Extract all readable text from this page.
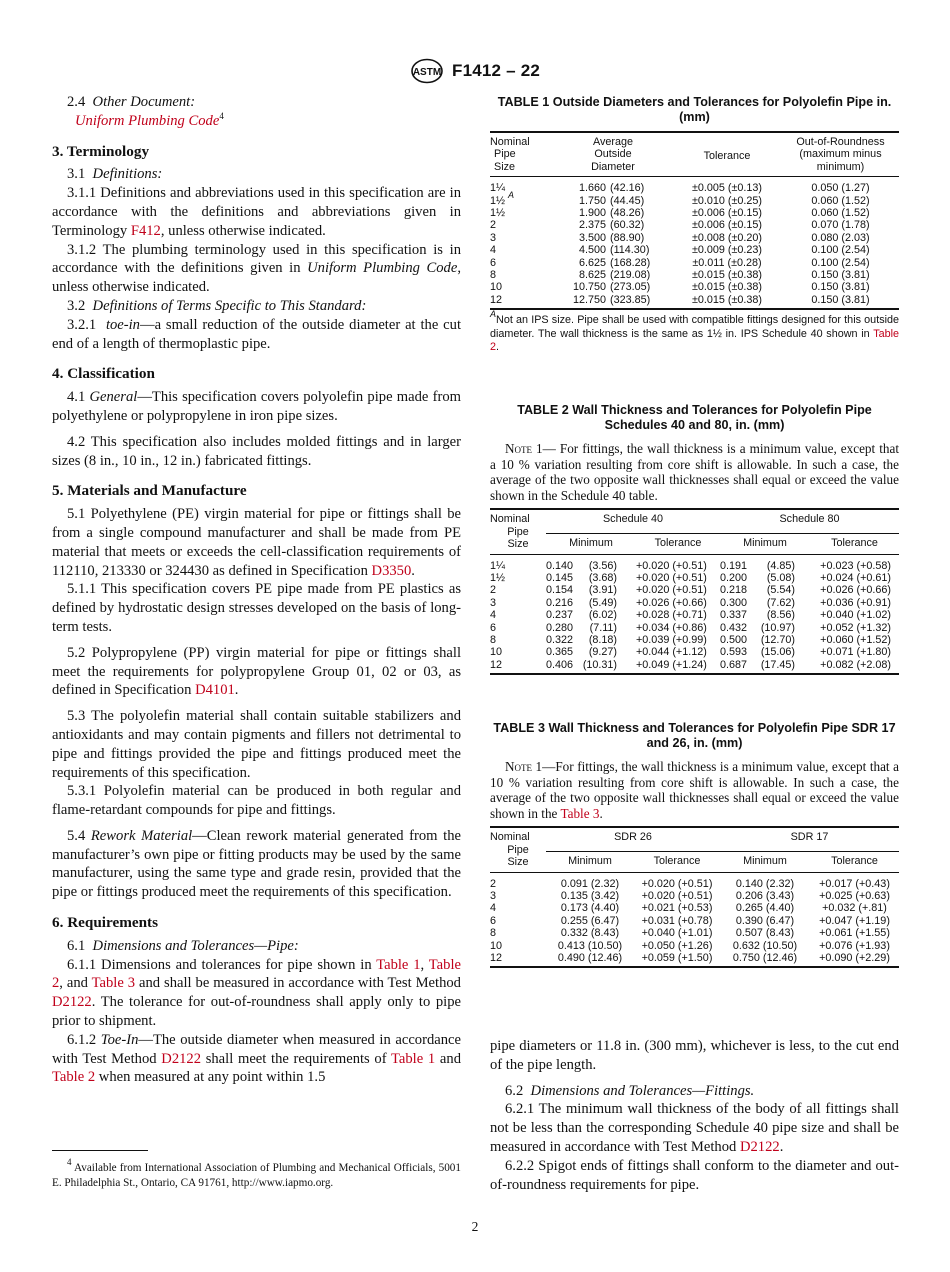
ASTM F1412 – 22

2.4 Other Document:

Uniform Plumbing Code$^4$

3. Terminology

3.1 Definitions:

3.1.1 Definitions and abbreviations used in this specification are in accordance with the definitions and abbreviations given in Terminology F412, unless otherwise indicated.

3.1.2 The plumbing terminology used in this specification is in accordance with the definitions given in Uniform Plumbing Code, unless otherwise indicated.

3.2 Definitions of Terms Specific to This Standard:

3.2.1 toe-in—a small reduction of the outside diameter at the cut end of a length of thermoplastic pipe.

4. Classification

4.1 General—This specification covers polyolefin pipe made from polyethylene or polypropylene in iron pipe sizes.

4.2 This specification also includes molded fittings and in larger sizes (8 in., 10 in., 12 in.) fabricated fittings.

5. Materials and Manufacture

5.1 Polyethylene (PE) virgin material for pipe or fittings shall be from a single compound manufacturer and shall be made from PE material that meets or exceeds the cell-classification requirements of 112110, 213330 or 324430 as defined in Specification D3350.

5.1.1 This specification covers PE pipe made from PE plastics as defined by hydrostatic design stresses developed on the basis of long-term tests.

5.2 Polypropylene (PP) virgin material for pipe or fittings shall meet the requirements for polypropylene Group 01, 02 or 03, as defined in Specification D4101.

5.3 The polyolefin material shall contain suitable stabilizers and antioxidants and may contain pigments and fillers not detrimental to pipe and fittings provided the pipe and fittings produced meet the requirements of this specification.

5.3.1 Polyolefin material can be produced in both regular and flame-retardant compounds for pipe and fittings.

5.4 Rework Material—Clean rework material generated from the manufacturer’s own pipe or fitting products may be used by the same manufacturer, using the same type and grade resin, provided that the pipe or fittings produced meet the requirements of this specification.

6. Requirements

6.1 Dimensions and Tolerances—Pipe:

6.1.1 Dimensions and tolerances for pipe shown in Table 1, Table 2, and Table 3 and shall be measured in accordance with Test Method D2122. The tolerance for out-of-roundness shall apply only to pipe prior to shipment.

6.1.2 Toe-In—The outside diameter when measured in accordance with Test Method D2122 shall meet the requirements of Table 1 and Table 2 when measured at any point within 1.5

$^4$ Available from International Association of Plumbing and Mechanical Officials, 5001 E. Philadelphia St., Ontario, CA 91761, http://www.iapmo.org.

TABLE 1 Outside Diameters and Tolerances for Polyolefin Pipe in. (mm)
Nominal
Pipe
Size

Average
Outside
Diameter
	Tolerance	
Out-of-Roundness
(maximum minus
minimum)

1¼	1.660	(42.16)	±0.005 (±0.13)	0.050 (1.27)
1½ $^A$	1.750	(44.45)	±0.010 (±0.25)	0.060 (1.52)
1½	1.900	(48.26)	±0.006 (±0.15)	0.060 (1.52)
2	2.375	(60.32)	±0.006 (±0.15)	0.070 (1.78)
3	3.500	(88.90)	±0.008 (±0.20)	0.080 (2.03)
4	4.500	(114.30)	±0.009 (±0.23)	0.100 (2.54)
6	6.625	(168.28)	±0.011 (±0.28)	0.100 (2.54)
8	8.625	(219.08)	±0.015 (±0.38)	0.150 (3.81)
10	10.750	(273.05)	±0.015 (±0.38)	0.150 (3.81)
12	12.750	(323.85)	±0.015 (±0.38)	0.150 (3.81)

$^A$Not an IPS size. Pipe shall be used with compatible fittings designed for this outside diameter. The wall thickness is the same as 1½ in. IPS Schedule 40 shown in Table 2.

TABLE 2 Wall Thickness and Tolerances for Polyolefin Pipe Schedules 40 and 80, in. (mm)

Note 1— For fittings, the wall thickness is a minimum value, except that a 10 % variation resulting from core shift is allowable. In such a case, the average of the two opposite wall thicknesses shall equal or exceed the value shown in the Schedule 40 table.

Nominal
Pipe
Size	Schedule 40		Schedule 80	
	Minimum	Tolerance	Minimum	Tolerance
1¼	0.140 (3.56)	+0.020 (+0.51)	0.191 (4.85)	+0.023 (+0.58)
1½	0.145 (3.68)	+0.020 (+0.51)	0.200 (5.08)	+0.024 (+0.61)
2	0.154 (3.91)	+0.020 (+0.51)	0.218 (5.54)	+0.026 (+0.66)
3	0.216 (5.49)	+0.026 (+0.66)	0.300 (7.62)	+0.036 (+0.91)
4	0.237 (6.02)	+0.028 (+0.71)	0.337 (8.56)	+0.040 (+1.02)
6	0.280 (7.11)	+0.034 (+0.86)	0.432 (10.97)	+0.052 (+1.32)
8	0.322 (8.18)	+0.039 (+0.99)	0.500 (12.70)	+0.060 (+1.52)
10	0.365 (9.27)	+0.044 (+1.12)	0.593 (15.06)	+0.071 (+1.80)
12	0.406 (10.31)	+0.049 (+1.24)	0.687 (17.45)	+0.082 (+2.08)
TABLE 3 Wall Thickness and Tolerances for Polyolefin Pipe SDR 17 and 26, in. (mm)

Note 1—For fittings, the wall thickness is a minimum value, except that a 10 % variation resulting from core shift is allowable. In such a case, the average of the two opposite wall thicknesses shall equal or exceed the value shown in the Table 3.

Nominal
Pipe
Size	SDR 26		SDR 17	
	Minimum	Tolerance	Minimum	Tolerance
2	0.091 (2.32)	+0.020 (+0.51)	0.140 (2.32)	+0.017 (+0.43)
3	0.135 (3.42)	+0.020 (+0.51)	0.206 (3.43)	+0.025 (+0.63)
4	0.173 (4.40)	+0.021 (+0.53)	0.265 (4.40)	+0.032 (+.81)
6	0.255 (6.47)	+0.031 (+0.78)	0.390 (6.47)	+0.047 (+1.19)
8	0.332 (8.43)	+0.040 (+1.01)	0.507 (8.43)	+0.061 (+1.55)
10	0.413 (10.50)	+0.050 (+1.26)	0.632 (10.50)	+0.076 (+1.93)
12	0.490 (12.46)	+0.059 (+1.50)	0.750 (12.46)	+0.090 (+2.29)

pipe diameters or 11.8 in. (300 mm), whichever is less, to the cut end of the pipe length.

6.2 Dimensions and Tolerances—Fittings.

6.2.1 The minimum wall thickness of the body of all fittings shall not be less than the corresponding Schedule 40 pipe size and shall be measured in accordance with Test Method D2122.

6.2.2 Spigot ends of fittings shall conform to the diameter and out-of-roundness requirements for pipe.

2
